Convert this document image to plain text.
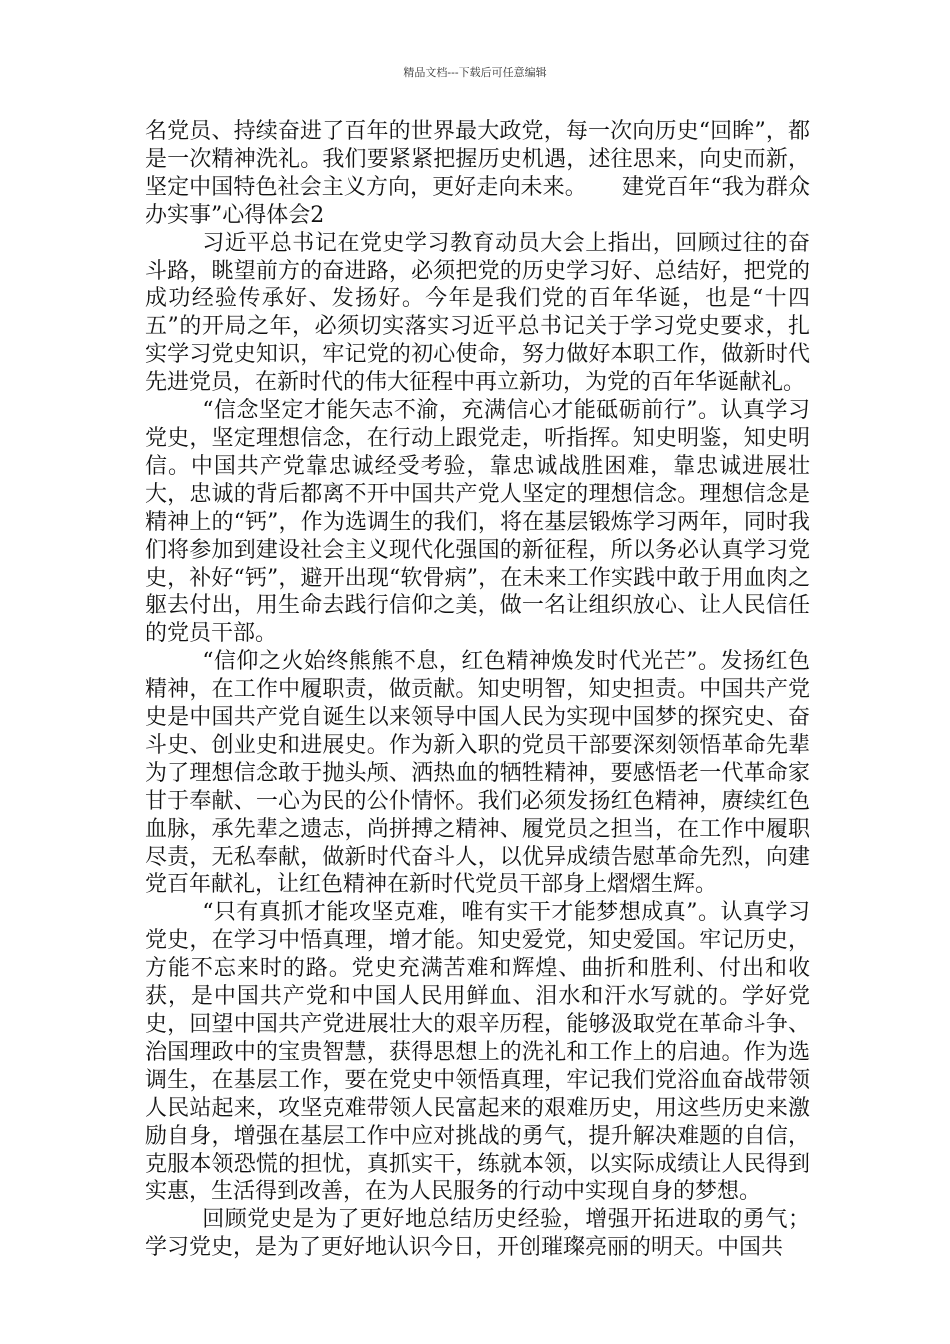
精品文档---下载后可任意编辑

名党员、持续奋进了百年的世界最大政党，每一次向历史“回眸”，都是一次精神洗礼。我们要紧紧把握历史机遇，述往思来，向史而新，坚定中国特色社会主义方向，更好走向未来。 建党百年“我为群众办实事”心得体会2

习近平总书记在党史学习教育动员大会上指出，回顾过往的奋斗路，眺望前方的奋进路，必须把党的历史学习好、总结好，把党的成功经验传承好、发扬好。今年是我们党的百年华诞，也是“十四五”的开局之年，必须切实落实习近平总书记关于学习党史要求，扎实学习党史知识，牢记党的初心使命，努力做好本职工作，做新时代先进党员，在新时代的伟大征程中再立新功，为党的百年华诞献礼。

“信念坚定才能矢志不渝，充满信心才能砥砺前行”。认真学习党史，坚定理想信念，在行动上跟党走，听指挥。知史明鉴，知史明信。中国共产党靠忠诚经受考验，靠忠诚战胜困难，靠忠诚进展壮大，忠诚的背后都离不开中国共产党人坚定的理想信念。理想信念是精神上的“钙”，作为选调生的我们，将在基层锻炼学习两年，同时我们将参加到建设社会主义现代化强国的新征程，所以务必认真学习党史，补好“钙”，避开出现“软骨病”，在未来工作实践中敢于用血肉之躯去付出，用生命去践行信仰之美，做一名让组织放心、让人民信任的党员干部。

“信仰之火始终熊熊不息，红色精神焕发时代光芒”。发扬红色精神，在工作中履职责，做贡献。知史明智，知史担责。中国共产党史是中国共产党自诞生以来领导中国人民为实现中国梦的探究史、奋斗史、创业史和进展史。作为新入职的党员干部要深刻领悟革命先辈为了理想信念敢于抛头颅、洒热血的牺牲精神，要感悟老一代革命家甘于奉献、一心为民的公仆情怀。我们必须发扬红色精神，赓续红色血脉，承先辈之遗志，尚拼搏之精神、履党员之担当，在工作中履职尽责，无私奉献，做新时代奋斗人，以优异成绩告慰革命先烈，向建党百年献礼，让红色精神在新时代党员干部身上熠熠生辉。

“只有真抓才能攻坚克难，唯有实干才能梦想成真”。认真学习党史，在学习中悟真理，增才能。知史爱党，知史爱国。牢记历史，方能不忘来时的路。党史充满苦难和辉煌、曲折和胜利、付出和收获，是中国共产党和中国人民用鲜血、泪水和汗水写就的。学好党史，回望中国共产党进展壮大的艰辛历程，能够汲取党在革命斗争、治国理政中的宝贵智慧，获得思想上的洗礼和工作上的启迪。作为选调生，在基层工作，要在党史中领悟真理，牢记我们党浴血奋战带领人民站起来，攻坚克难带领人民富起来的艰难历史，用这些历史来激励自身，增强在基层工作中应对挑战的勇气，提升解决难题的自信，克服本领恐慌的担忧，真抓实干，练就本领，以实际成绩让人民得到实惠，生活得到改善，在为人民服务的行动中实现自身的梦想。

回顾党史是为了更好地总结历史经验，增强开拓进取的勇气；学习党史，是为了更好地认识今日，开创璀璨亮丽的明天。中国共
